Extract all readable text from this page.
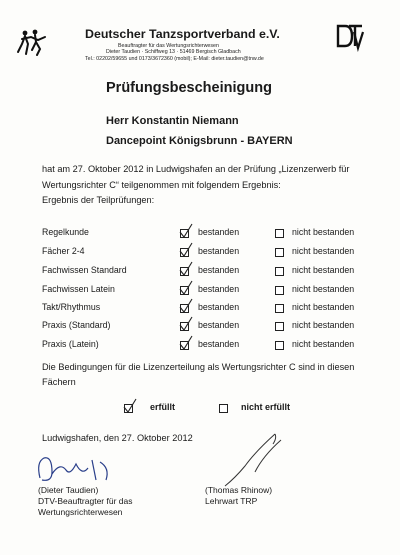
Deutscher Tanzsportverband e.V.
Beauftragter für das Wertungsrichterwesen
Dieter Taudien · Schiffweg 13 · 51469 Bergisch Gladbach
Tel.: 02202/59655 und 0173/3672360 (mobil); E-Mail: dieter.taudien@tnw.de
Prüfungsbescheinigung
Herr Konstantin Niemann
Dancepoint Königsbrunn - BAYERN
hat am 27. Oktober 2012 in Ludwigshafen an der Prüfung „Lizenzerwerb für
Wertungsrichter C“ teilgenommen mit folgendem Ergebnis:
Ergebnis der Teilprüfungen:
Regelkunde	bestanden	nicht bestanden
Fächer 2-4	bestanden	nicht bestanden
Fachwissen Standard	bestanden	nicht bestanden
Fachwissen Latein	bestanden	nicht bestanden
Takt/Rhythmus	bestanden	nicht bestanden
Praxis (Standard)	bestanden	nicht bestanden
Praxis (Latein)	bestanden	nicht bestanden
Die Bedingungen für die Lizenzerteilung als Wertungsrichter C sind in diesen
Fächern
erfüllt	nicht erfüllt
Ludwigshafen, den 27. Oktober 2012
(Dieter Taudien)
DTV-Beauftragter für das
Wertungsrichterwesen
(Thomas Rhinow)
Lehrwart TRP
